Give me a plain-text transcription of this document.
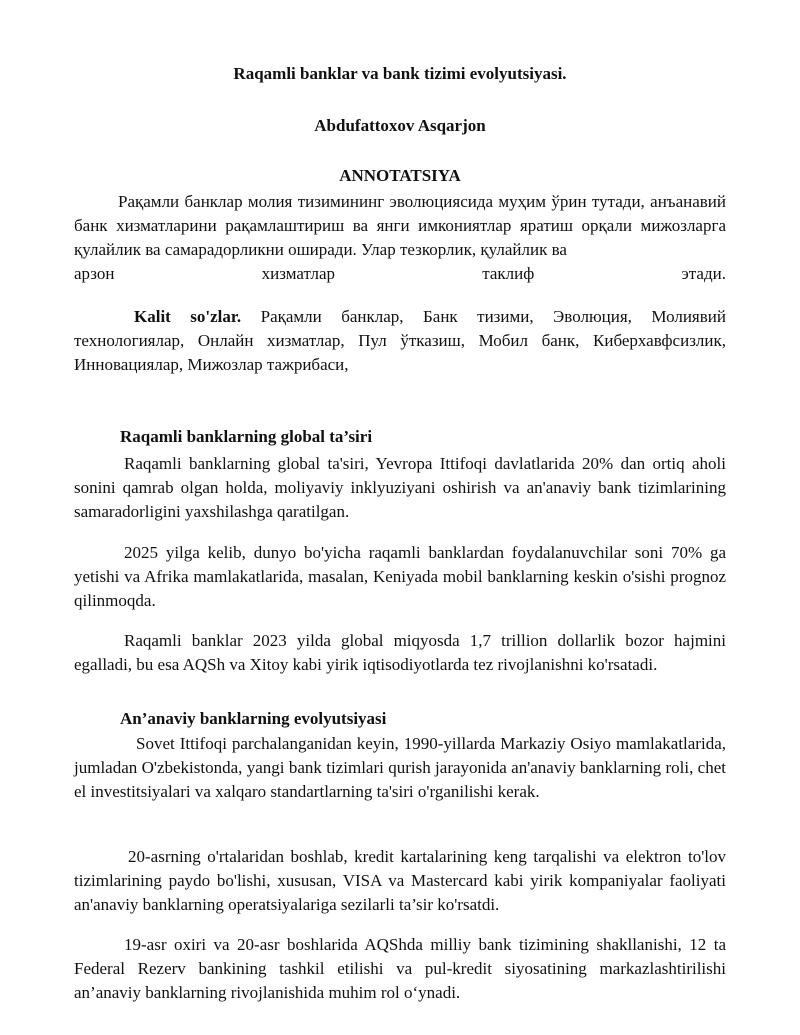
Raqamli banklar va bank tizimi evolyutsiyasi.

Abdufattoxov Asqarjon

ANNOTATSIYA

Рақамли банклар молия тизимининг эволюциясида муҳим ўрин тутади, анъанавий банк хизматларини рақамлаштириш ва янги имкониятлар яратиш орқали мижозларга қулайлик ва самарадорликни оширади. Улар тезкорлик, қулайлик ва

арзон	хизматлар	таклиф	этади.

Kalit so'zlar. Рақамли банклар, Банк тизими, Эволюция, Молиявий технологиялар, Онлайн хизматлар, Пул ўтказиш, Мобил банк, Киберхавфсизлик, Инновациялар, Мижозлар тажрибаси,

Raqamli banklarning global ta’siri

Raqamli banklarning global ta'siri, Yevropa Ittifoqi davlatlarida 20% dan ortiq aholi sonini qamrab olgan holda, moliyaviy inklyuziyani oshirish va an'anaviy bank tizimlarining samaradorligini yaxshilashga qaratilgan.

2025 yilga kelib, dunyo bo'yicha raqamli banklardan foydalanuvchilar soni 70% ga yetishi va Afrika mamlakatlarida, masalan, Keniyada mobil banklarning keskin o'sishi prognoz qilinmoqda.

Raqamli banklar 2023 yilda global miqyosda 1,7 trillion dollarlik bozor hajmini egalladi, bu esa AQSh va Xitoy kabi yirik iqtisodiyotlarda tez rivojlanishni ko'rsatadi.

An’anaviy banklarning evolyutsiyasi

Sovet Ittifoqi parchalanganidan keyin, 1990-yillarda Markaziy Osiyo mamlakatlarida, jumladan O'zbekistonda, yangi bank tizimlari qurish jarayonida an'anaviy banklarning roli, chet el investitsiyalari va xalqaro standartlarning ta'siri o'rganilishi kerak.

20-asrning o'rtalaridan boshlab, kredit kartalarining keng tarqalishi va elektron to'lov tizimlarining paydo bo'lishi, xususan, VISA va Mastercard kabi yirik kompaniyalar faoliyati an'anaviy banklarning operatsiyalariga sezilarli ta’sir ko'rsatdi.

19-asr oxiri va 20-asr boshlarida AQShda milliy bank tizimining shakllanishi, 12 ta Federal Rezerv bankining tashkil etilishi va pul-kredit siyosatining markazlashtirilishi an’anaviy banklarning rivojlanishida muhim rol o‘ynadi.
